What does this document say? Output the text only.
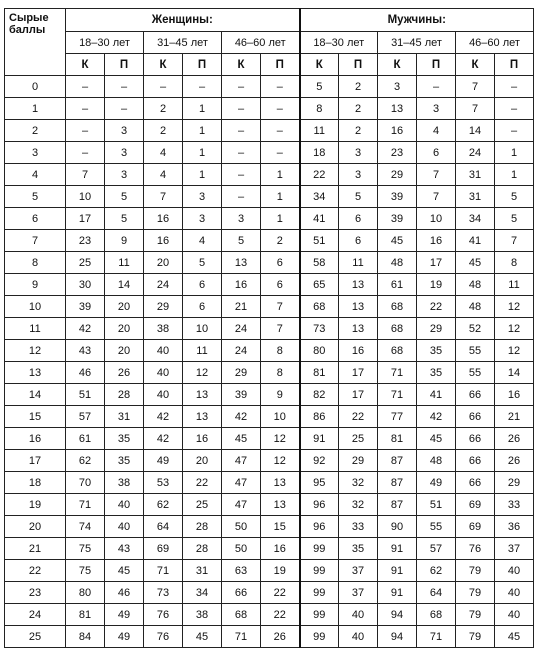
Сырые баллы	Женщины:						Мужчины:					
	18–30 лет		31–45 лет		46–60 лет		18–30 лет		31–45 лет		46–60 лет	
	К	П	К	П	К	П	К	П	К	П	К	П
0	–	–	–	–	–	–	5	2	3	–	7	–
1	–	–	2	1	–	–	8	2	13	3	7	–
2	–	3	2	1	–	–	11	2	16	4	14	–
3	–	3	4	1	–	–	18	3	23	6	24	1
4	7	3	4	1	–	1	22	3	29	7	31	1
5	10	5	7	3	–	1	34	5	39	7	31	5
6	17	5	16	3	3	1	41	6	39	10	34	5
7	23	9	16	4	5	2	51	6	45	16	41	7
8	25	11	20	5	13	6	58	11	48	17	45	8
9	30	14	24	6	16	6	65	13	61	19	48	11
10	39	20	29	6	21	7	68	13	68	22	48	12
11	42	20	38	10	24	7	73	13	68	29	52	12
12	43	20	40	11	24	8	80	16	68	35	55	12
13	46	26	40	12	29	8	81	17	71	35	55	14
14	51	28	40	13	39	9	82	17	71	41	66	16
15	57	31	42	13	42	10	86	22	77	42	66	21
16	61	35	42	16	45	12	91	25	81	45	66	26
17	62	35	49	20	47	12	92	29	87	48	66	26
18	70	38	53	22	47	13	95	32	87	49	66	29
19	71	40	62	25	47	13	96	32	87	51	69	33
20	74	40	64	28	50	15	96	33	90	55	69	36
21	75	43	69	28	50	16	99	35	91	57	76	37
22	75	45	71	31	63	19	99	37	91	62	79	40
23	80	46	73	34	66	22	99	37	91	64	79	40
24	81	49	76	38	68	22	99	40	94	68	79	40
25	84	49	76	45	71	26	99	40	94	71	79	45
